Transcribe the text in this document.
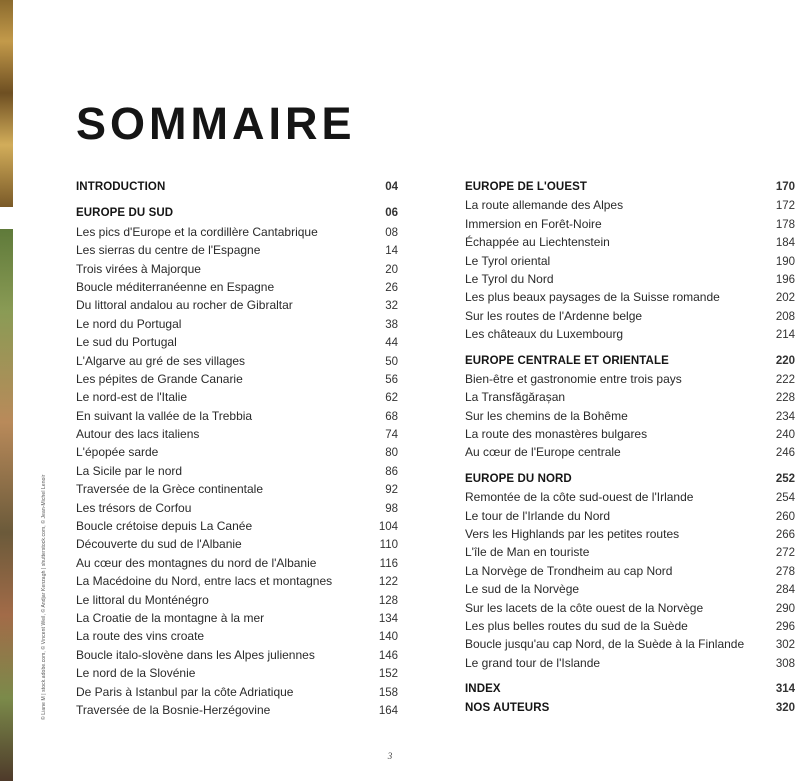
© Liane M | stock.adobe.com, © Vincent Weil, © Andjar Kenzagh | shutterstock.com, © Jean-Michel Lenoir
SOMMAIRE
INTRODUCTION	04
EUROPE DU SUD	06
Les pics d'Europe et la cordillère Cantabrique	08
Les sierras du centre de l'Espagne	14
Trois virées à Majorque	20
Boucle méditerranéenne en Espagne	26
Du littoral andalou au rocher de Gibraltar	32
Le nord du Portugal	38
Le sud du Portugal	44
L'Algarve au gré de ses villages	50
Les pépites de Grande Canarie	56
Le nord-est de l'Italie	62
En suivant la vallée de la Trebbia	68
Autour des lacs italiens	74
L'épopée sarde	80
La Sicile par le nord	86
Traversée de la Grèce continentale	92
Les trésors de Corfou	98
Boucle crétoise depuis La Canée	104
Découverte du sud de l'Albanie	110
Au cœur des montagnes du nord de l'Albanie	116
La Macédoine du Nord, entre lacs et montagnes	122
Le littoral du Monténégro	128
La Croatie de la montagne à la mer	134
La route des vins croate	140
Boucle italo-slovène dans les Alpes juliennes	146
Le nord de la Slovénie	152
De Paris à Istanbul par la côte Adriatique	158
Traversée de la Bosnie-Herzégovine	164
EUROPE DE L'OUEST	170
La route allemande des Alpes	172
Immersion en Forêt-Noire	178
Échappée au Liechtenstein	184
Le Tyrol oriental	190
Le Tyrol du Nord	196
Les plus beaux paysages de la Suisse romande	202
Sur les routes de l'Ardenne belge	208
Les châteaux du Luxembourg	214
EUROPE CENTRALE ET ORIENTALE	220
Bien-être et gastronomie entre trois pays	222
La Transfăgărașan	228
Sur les chemins de la Bohême	234
La route des monastères bulgares	240
Au cœur de l'Europe centrale	246
EUROPE DU NORD	252
Remontée de la côte sud-ouest de l'Irlande	254
Le tour de l'Irlande du Nord	260
Vers les Highlands par les petites routes	266
L'île de Man en touriste	272
La Norvège de Trondheim au cap Nord	278
Le sud de la Norvège	284
Sur les lacets de la côte ouest de la Norvège	290
Les plus belles routes du sud de la Suède	296
Boucle jusqu'au cap Nord, de la Suède à la Finlande	302
Le grand tour de l'Islande	308
INDEX	314
NOS AUTEURS	320
3
